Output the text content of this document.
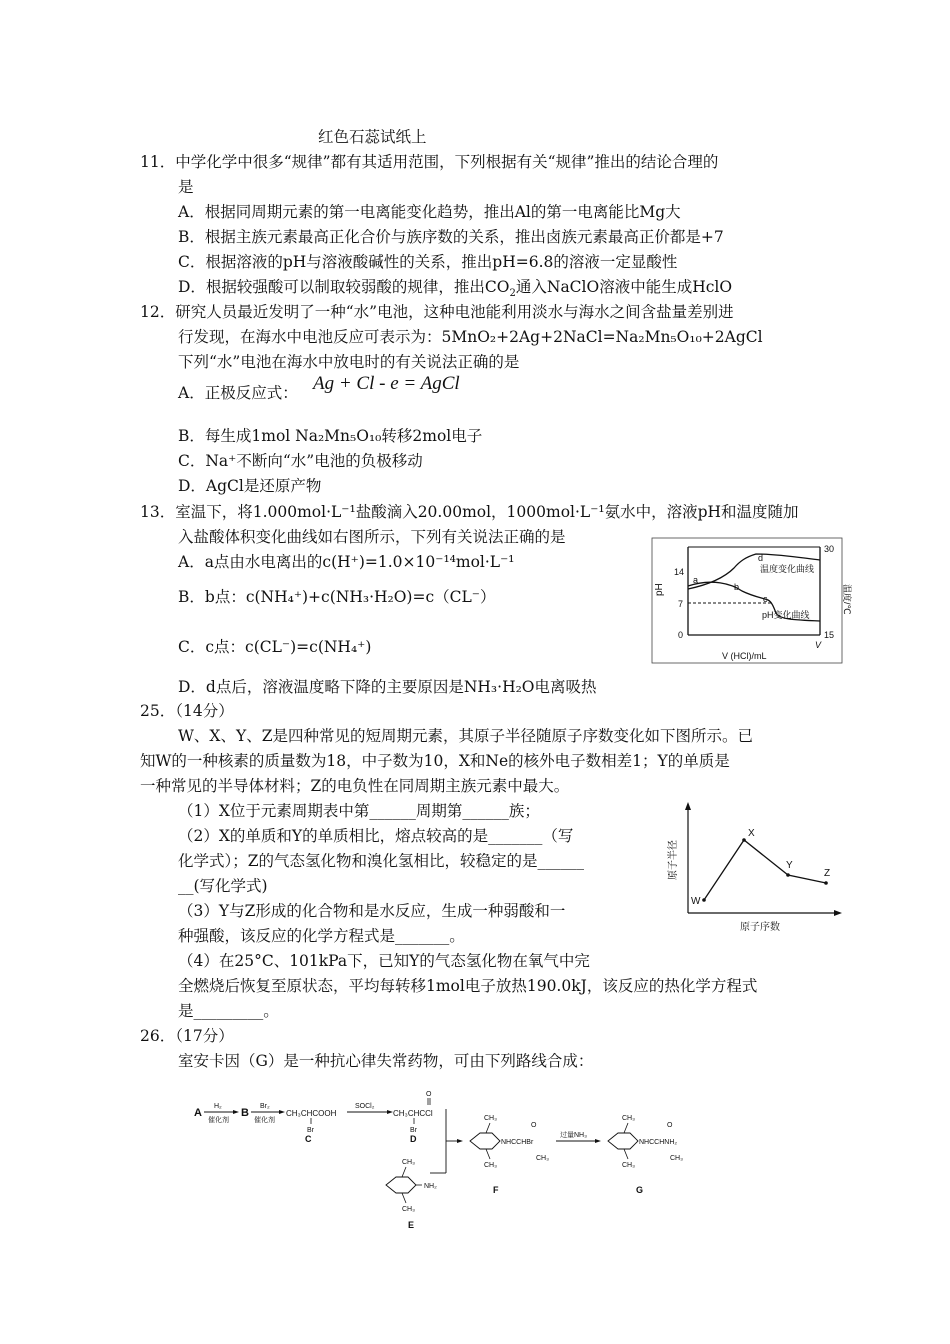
红色石蕊试纸上
11．中学化学中很多“规律”都有其适用范围，下列根据有关“规律”推出的结论合理的
是
A．根据同周期元素的第一电离能变化趋势，推出Al的第一电离能比Mg大
B．根据主族元素最高正化合价与族序数的关系，推出卤族元素最高正价都是+7
C．根据溶液的pH与溶液酸碱性的关系，推出pH=6.8的溶液一定显酸性
D．根据较强酸可以制取较弱酸的规律，推出$CO_2$通入NaClO溶液中能生成HclO
12．研究人员最近发明了一种“水”电池，这种电池能利用淡水与海水之间含盐量差别进
行发现，在海水中电池反应可表示为：5MnO₂+2Ag+2NaCl=Na₂Mn₅O₁₀+2AgCl
下列“水”电池在海水中放电时的有关说法正确的是
A．正极反应式： Ag + Cl - e = AgCl
B．每生成1mol Na₂Mn₅O₁₀转移2mol电子
C．Na⁺不断向“水”电池的负极移动
D．AgCl是还原产物
13．室温下，将1.000mol·L⁻¹盐酸滴入20.00mol，1000mol·L⁻¹氨水中，溶液pH和温度随加
入盐酸体积变化曲线如右图所示，下列有关说法正确的是
A．a点由水电离出的c(H⁺)=1.0×10⁻¹⁴mol·L⁻¹
B．b点：c(NH₄⁺)+c(NH₃·H₂O)=c（CL⁻）
C．c点：c(CL⁻)=c(NH₄⁺)
D．d点后，溶液温度略下降的主要原因是NH₃·H₂O电离吸热
pH	温度/℃
14
7
0
30
15
V
V (HCl)/mL
温度变化曲线
pH变化曲线
a
b
c
d
25．（14分）
W、X、Y、Z是四种常见的短周期元素，其原子半径随原子序数变化如下图所示。已
知W的一种核素的质量数为18，中子数为10，X和Ne的核外电子数相差1；Y的单质是
一种常见的半导体材料；Z的电负性在同周期主族元素中最大。
（1）X位于元素周期表中第______周期第______族；
（2）X的单质和Y的单质相比，熔点较高的是_______（写
化学式）；Z的气态氢化物和溴化氢相比，较稳定的是______
__(写化学式)
（3）Y与Z形成的化合物和是水反应，生成一种弱酸和一
种强酸，该反应的化学方程式是_______。
（4）在25°C、101kPa下，已知Y的气态氢化物在氧气中完
全燃烧后恢复至原状态，平均每转移1mol电子放热190.0kJ，该反应的热化学方程式
是_________。
W
X
Y
Z
原子序数
原子半径
26．（17分）
室安卡因（G）是一种抗心律失常药物，可由下列路线合成：
A
H₂
催化剂
B
Br₂
催化剂
CH₃CHCOOH
Br
C
SOCl₂
O
CH₃CHCCl
Br
D
CH₃
CH₃
O
NHCCHBr
CH₃
F
过量NH₃
CH₃
CH₃
O
NHCCHNH₂
CH₃
G
CH₃
NH₂
CH₃
E
